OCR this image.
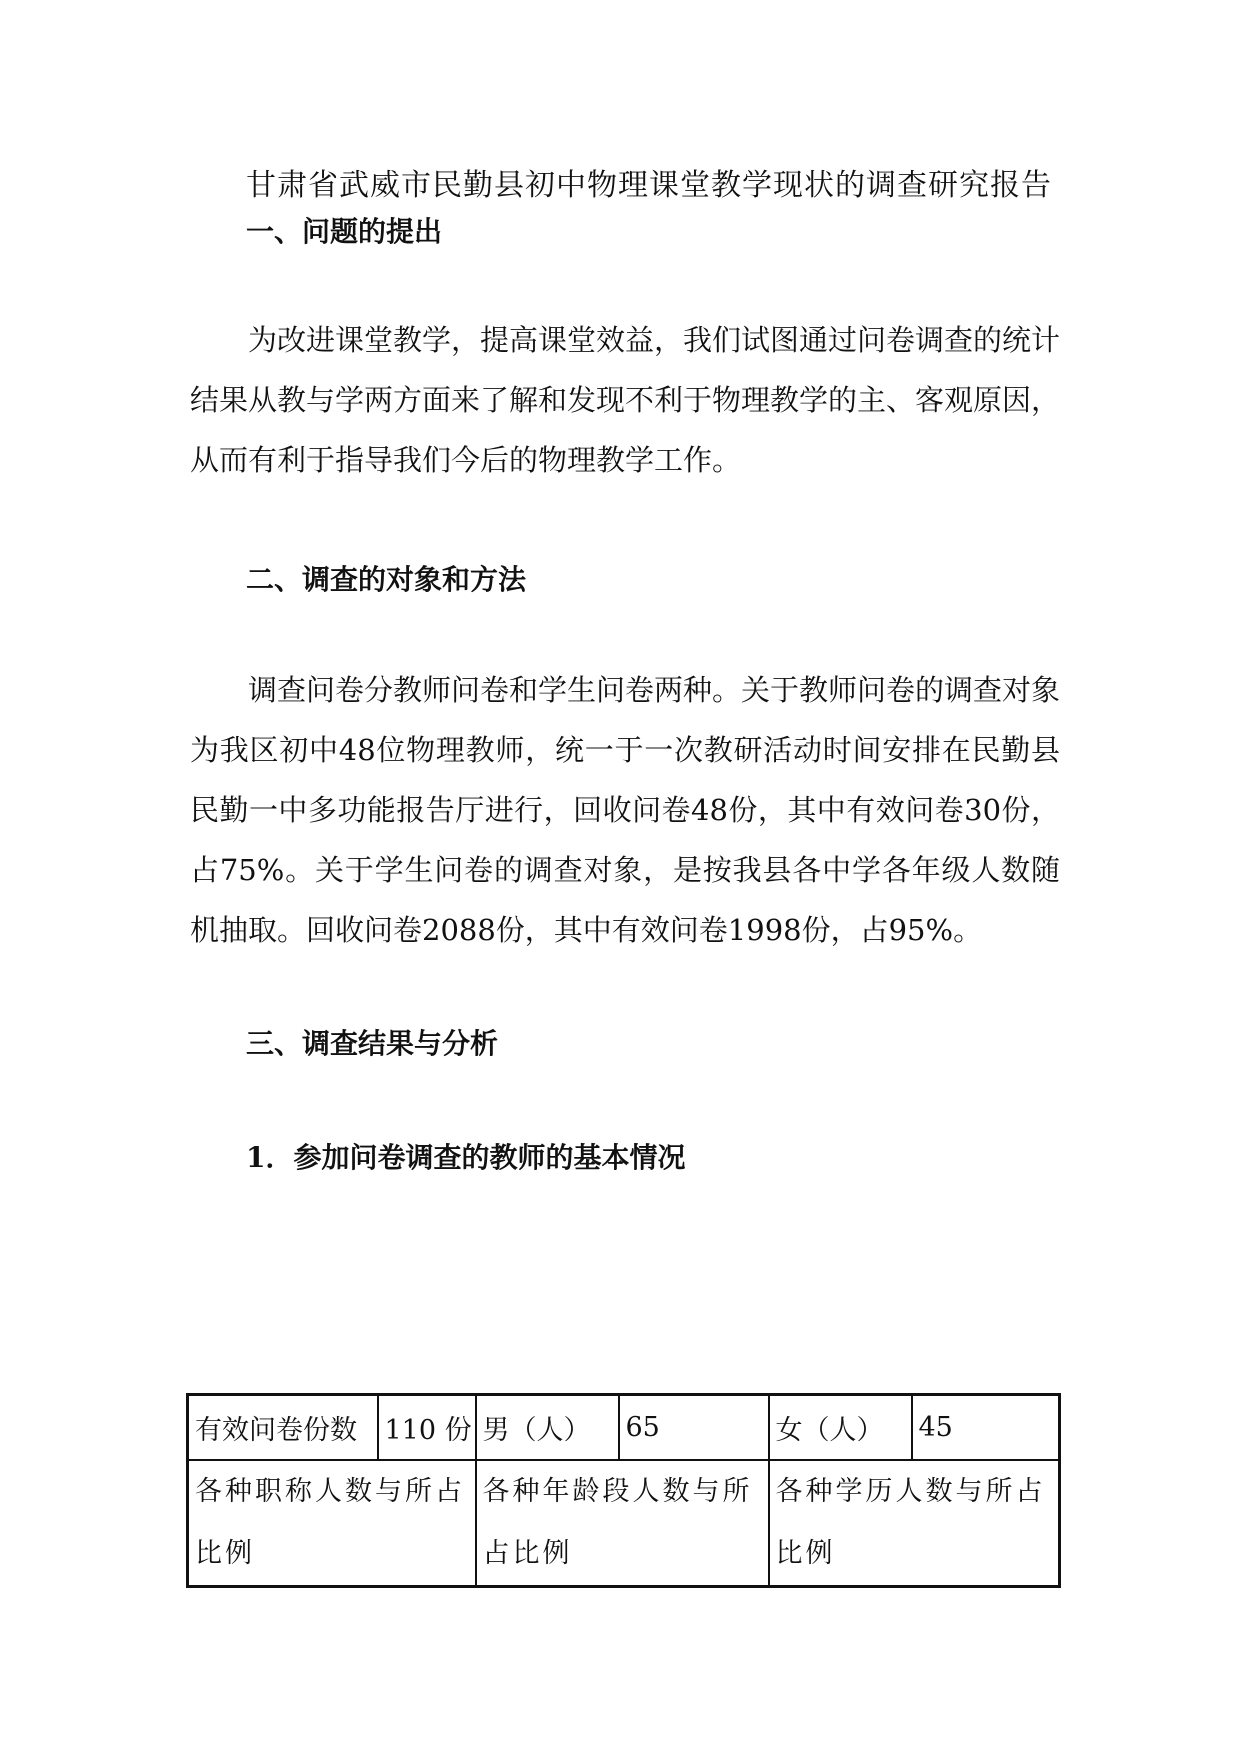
甘肃省武威市民勤县初中物理课堂教学现状的调查研究报告
一、问题的提出
为改进课堂教学，提高课堂效益，我们试图通过问卷调查的统计结果从教与学两方面来了解和发现不利于物理教学的主、客观原因，从而有利于指导我们今后的物理教学工作。
二、调查的对象和方法
调查问卷分教师问卷和学生问卷两种。关于教师问卷的调查对象为我区初中48位物理教师，统一于一次教研活动时间安排在民勤县民勤一中多功能报告厅进行，回收问卷48份，其中有效问卷30份，占75%。关于学生问卷的调查对象，是按我县各中学各年级人数随机抽取。回收问卷2088份，其中有效问卷1998份，占95%。
三、调查结果与分析
1．参加问卷调查的教师的基本情况
有效问卷份数	110 份	男（人）	65	女（人）	45
各种职称人数与所占比例		各种年龄段人数与所占比例		各种学历人数与所占比例	
